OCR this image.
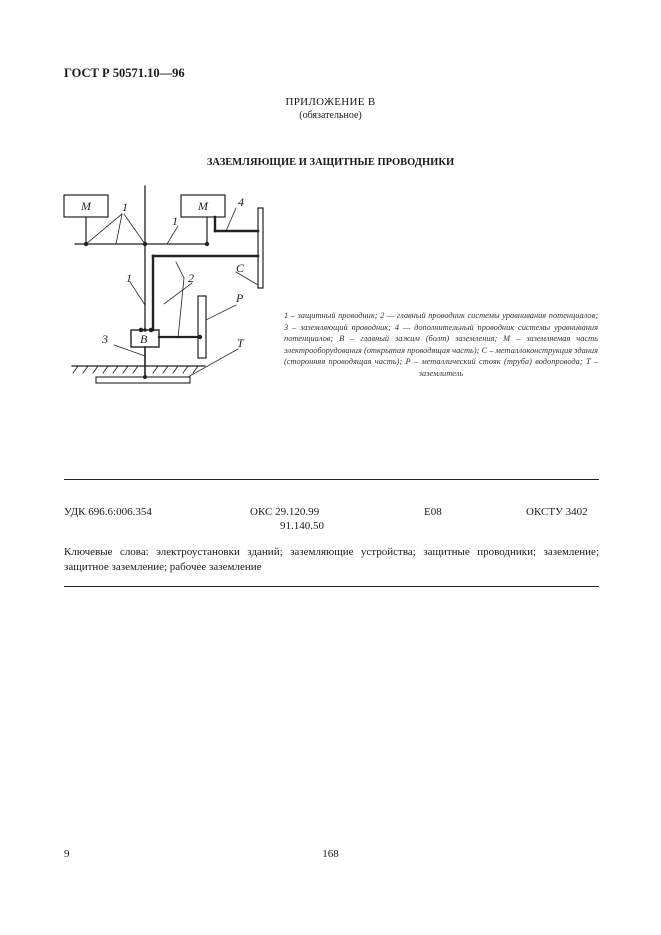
ГОСТ Р 50571.10—96
ПРИЛОЖЕНИЕ В
(обязательное)
ЗАЗЕМЛЯЮЩИЕ И ЗАЩИТНЫЕ ПРОВОДНИКИ
M	M
B
C
P
T
1
1
1	2
3
4
1 – защитный проводник; 2 — главный проводник системы уравнивания потенциалов; 3 – заземляющий проводник; 4 — дополнительный проводник системы уравнивания потенциалов; B – главный зажим (болт) заземления; M – заземляемая часть электрооборудования (открытая проводящая часть); C – металлоконструкция здания (сторонняя проводящая часть); P – металлический стояк (труба) водопровода; T – заземлитель
УДК 696.6:006.354	ОКС 29.120.99
91.140.50
E08	ОКСТУ 3402
Ключевые слова: электроустановки зданий; заземляющие устройства; защитные проводники; заземление; защитное заземление; рабочее заземление
9	168
